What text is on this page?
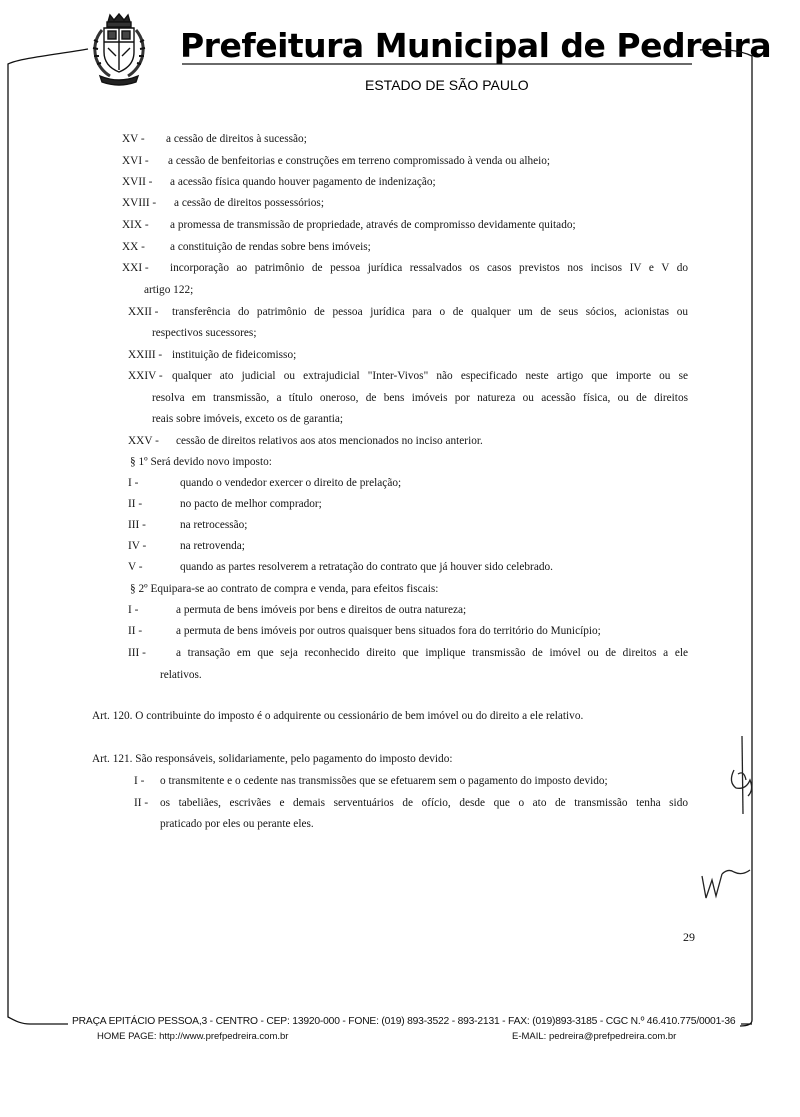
Prefeitura Municipal de Pedreira
ESTADO DE SÃO PAULO
XV - a cessão de direitos à sucessão;
XVI - a cessão de benfeitorias e construções em terreno compromissado à venda ou alheio;
XVII - a acessão física quando houver pagamento de indenização;
XVIII - a cessão de direitos possessórios;
XIX - a promessa de transmissão de propriedade, através de compromisso devidamente quitado;
XX - a constituição de rendas sobre bens imóveis;
XXI - incorporação ao patrimônio de pessoa jurídica ressalvados os casos previstos nos incisos IV e V do
artigo 122;
XXII - transferência do patrimônio de pessoa jurídica para o de qualquer um de seus sócios, acionistas ou
respectivos sucessores;
XXIII - instituição de fideicomisso;
XXIV - qualquer ato judicial ou extrajudicial "Inter-Vivos" não especificado neste artigo que importe ou se
resolva em transmissão, a título oneroso, de bens imóveis por natureza ou acessão física, ou de direitos
reais sobre imóveis, exceto os de garantia;
XXV - cessão de direitos relativos aos atos mencionados no inciso anterior.
§ 1º Será devido novo imposto:
I -	quando o vendedor exercer o direito de prelação;
II -	no pacto de melhor comprador;
III -	na retrocessão;
IV -	na retrovenda;
V -	quando as partes resolverem a retratação do contrato que já houver sido celebrado.
§ 2º Equipara-se ao contrato de compra e venda, para efeitos fiscais:
I -	a permuta de bens imóveis por bens e direitos de outra natureza;
II -	a permuta de bens imóveis por outros quaisquer bens situados fora do território do Município;
III -	a transação em que seja reconhecido direito que implique transmissão de imóvel ou de direitos a ele
relativos.
Art. 120. O contribuinte do imposto é o adquirente ou cessionário de bem imóvel ou do direito a ele relativo.
Art. 121. São responsáveis, solidariamente, pelo pagamento do imposto devido:
I - o transmitente e o cedente nas transmissões que se efetuarem sem o pagamento do imposto devido;
II - os tabeliães, escrivães e demais serventuários de ofício, desde que o ato de transmissão tenha sido
praticado por eles ou perante eles.
29
PRAÇA EPITÁCIO PESSOA,3 - CENTRO - CEP: 13920-000 - FONE: (019) 893-3522 - 893-2131 - FAX: (019)893-3185 - CGC N.º 46.410.775/0001-36
HOME PAGE: http://www.prefpedreira.com.br	E-MAIL: pedreira@prefpedreira.com.br
